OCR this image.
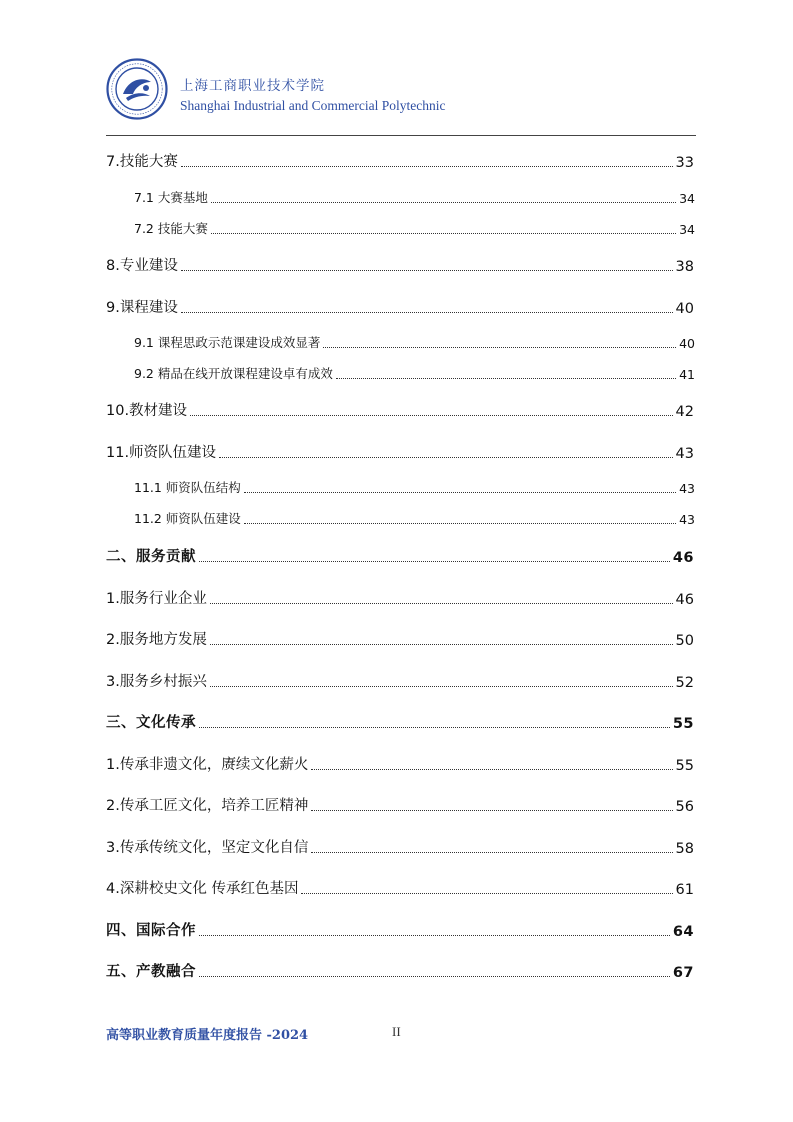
上海工商职业技术学院
Shanghai Industrial and Commercial Polytechnic
7.技能大赛	33
7.1 大赛基地	34
7.2 技能大赛	34
8.专业建设	38
9.课程建设	40
9.1 课程思政示范课建设成效显著	40
9.2 精品在线开放课程建设卓有成效	41
10.教材建设	42
11.师资队伍建设	43
11.1 师资队伍结构	43
11.2 师资队伍建设	43
二、服务贡献	46
1.服务行业企业	46
2.服务地方发展	50
3.服务乡村振兴	52
三、文化传承	55
1.传承非遗文化，赓续文化薪火	55
2.传承工匠文化，培养工匠精神	56
3.传承传统文化，坚定文化自信	58
4.深耕校史文化 传承红色基因	61
四、国际合作	64
五、产教融合	67
高等职业教育质量年度报告 -2024	II
